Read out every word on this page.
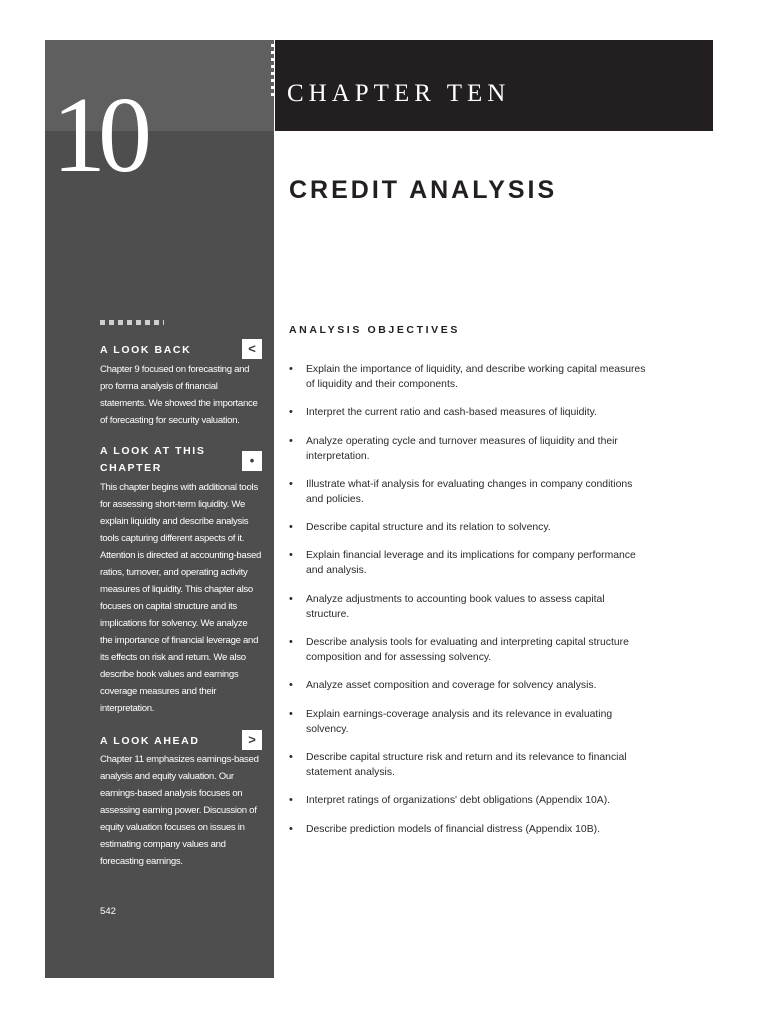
10	CHAPTER TEN
CREDIT ANALYSIS
A LOOK BACK	<
Chapter 9 focused on forecasting and pro forma analysis of financial statements. We showed the importance of forecasting for security valuation.
A LOOK AT THIS
CHAPTER	•
This chapter begins with additional tools for assessing short-term liquidity. We explain liquidity and describe analysis tools capturing different aspects of it. Attention is directed at accounting-based ratios, turnover, and operating activity measures of liquidity. This chapter also focuses on capital structure and its implications for solvency. We analyze the importance of financial leverage and its effects on risk and return. We also describe book values and earnings coverage measures and their interpretation.
A LOOK AHEAD	>
Chapter 11 emphasizes earnings-based analysis and equity valuation. Our earnings-based analysis focuses on assessing earning power. Discussion of equity valuation focuses on issues in estimating company values and forecasting earnings.
542
ANALYSIS OBJECTIVES
• Explain the importance of liquidity, and describe working capital measures of liquidity and their components.
• Interpret the current ratio and cash-based measures of liquidity.
• Analyze operating cycle and turnover measures of liquidity and their interpretation.
• Illustrate what-if analysis for evaluating changes in company conditions and policies.
• Describe capital structure and its relation to solvency.
• Explain financial leverage and its implications for company performance and analysis.
• Analyze adjustments to accounting book values to assess capital structure.
• Describe analysis tools for evaluating and interpreting capital structure composition and for assessing solvency.
• Analyze asset composition and coverage for solvency analysis.
• Explain earnings-coverage analysis and its relevance in evaluating solvency.
• Describe capital structure risk and return and its relevance to financial statement analysis.
• Interpret ratings of organizations' debt obligations (Appendix 10A).
• Describe prediction models of financial distress (Appendix 10B).
